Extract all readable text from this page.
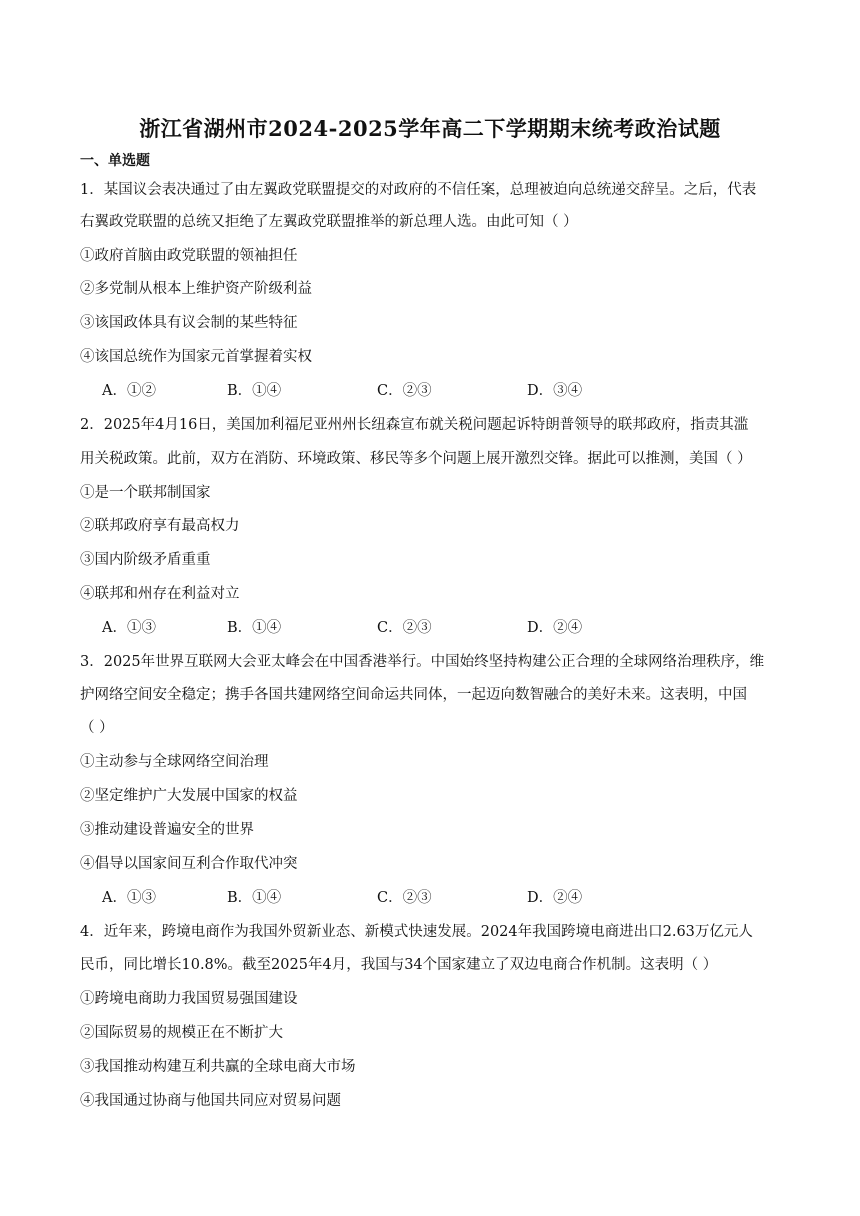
浙江省湖州市2024-2025学年高二下学期期末统考政治试题
一、单选题
1．某国议会表决通过了由左翼政党联盟提交的对政府的不信任案，总理被迫向总统递交辞呈。之后，代表
右翼政党联盟的总统又拒绝了左翼政党联盟推举的新总理人选。由此可知（ ）
①政府首脑由政党联盟的领袖担任
②多党制从根本上维护资产阶级利益
③该国政体具有议会制的某些特征
④该国总统作为国家元首掌握着实权
A．①②	B．①④	C．②③	D．③④
2．2025年4月16日，美国加利福尼亚州州长纽森宣布就关税问题起诉特朗普领导的联邦政府，指责其滥
用关税政策。此前，双方在消防、环境政策、移民等多个问题上展开激烈交锋。据此可以推测，美国（ ）
①是一个联邦制国家
②联邦政府享有最高权力
③国内阶级矛盾重重
④联邦和州存在利益对立
A．①③	B．①④	C．②③	D．②④
3．2025年世界互联网大会亚太峰会在中国香港举行。中国始终坚持构建公正合理的全球网络治理秩序，维
护网络空间安全稳定；携手各国共建网络空间命运共同体，一起迈向数智融合的美好未来。这表明，中国
（ ）
①主动参与全球网络空间治理
②坚定维护广大发展中国家的权益
③推动建设普遍安全的世界
④倡导以国家间互利合作取代冲突
A．①③	B．①④	C．②③	D．②④
4．近年来，跨境电商作为我国外贸新业态、新模式快速发展。2024年我国跨境电商进出口2.63万亿元人
民币，同比增长10.8%。截至2025年4月，我国与34个国家建立了双边电商合作机制。这表明（ ）
①跨境电商助力我国贸易强国建设
②国际贸易的规模正在不断扩大
③我国推动构建互利共赢的全球电商大市场
④我国通过协商与他国共同应对贸易问题
